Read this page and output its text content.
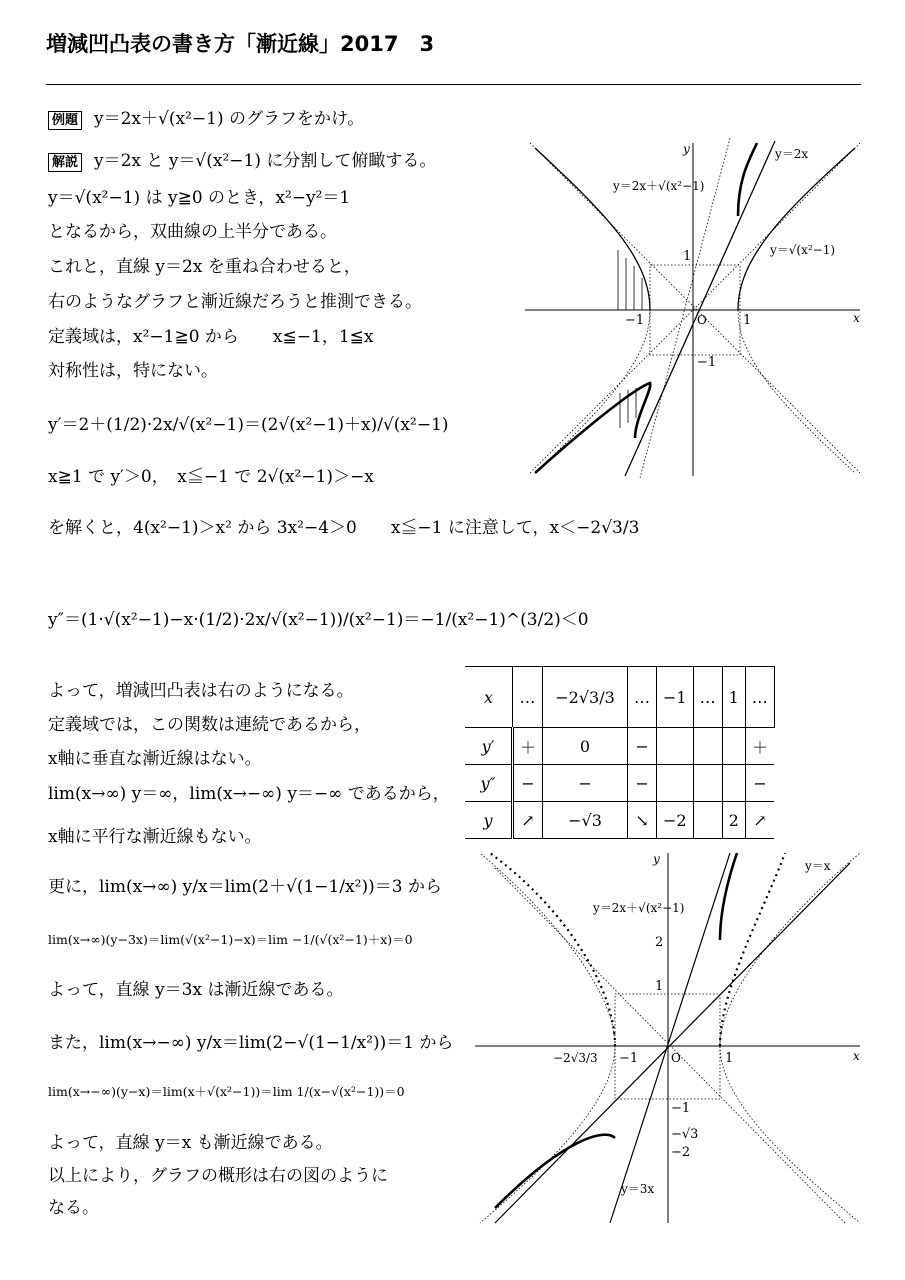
増減凹凸表の書き方「漸近線」2017　3
例題 y＝2x＋√(x²−1) のグラフをかけ。
解説 y＝2x と y＝√(x²−1) に分割して俯瞰する。
y＝√(x²−1) は y≧0 のとき，x²−y²＝1
となるから，双曲線の上半分である。
これと，直線 y＝2x を重ね合わせると，
右のようなグラフと漸近線だろうと推測できる。
定義域は，x²−1≧0 から　　x≦−1，1≦x
対称性は，特にない。
y′＝2＋(1/2)·2x/√(x²−1)＝(2√(x²−1)＋x)/√(x²−1)
x≧1 で y′＞0，　x≦−1 で 2√(x²−1)＞−x
を解くと，4(x²−1)＞x² から 3x²−4＞0　　x≦−1 に注意して，x＜−2√3/3
y″＝(1·√(x²−1)−x·(1/2)·2x/√(x²−1))/(x²−1)＝−1/(x²−1)^(3/2)＜0
よって，増減凹凸表は右のようになる。
定義域では，この関数は連続であるから，
x軸に垂直な漸近線はない。
lim(x→∞) y＝∞，lim(x→−∞) y＝−∞ であるから，
x軸に平行な漸近線もない。
更に，lim(x→∞) y/x＝lim(2＋√(1−1/x²))＝3 から
lim(x→∞)(y−3x)＝lim(√(x²−1)−x)＝lim −1/(√(x²−1)＋x)＝0
よって，直線 y＝3x は漸近線である。
また，lim(x→−∞) y/x＝lim(2−√(1−1/x²))＝1 から
lim(x→−∞)(y−x)＝lim(x＋√(x²−1))＝lim 1/(x−√(x²−1))＝0
よって，直線 y＝x も漸近線である。
以上により，グラフの概形は右の図のように
なる。
x	…	−2√3/3	…	−1	…	1	…
y′	＋	0	−				＋
y″	−	−	−				−
y	↗	−√3	↘	−2		2	↗
y
x
O	1
−1
1
−1
y＝2x
y＝2x＋√(x²−1)
y＝√(x²−1)
y
x
O	1
−1
2
1
−1
−√3
−2
−2√3/3
y＝x
y＝3x
y＝2x＋√(x²−1)
